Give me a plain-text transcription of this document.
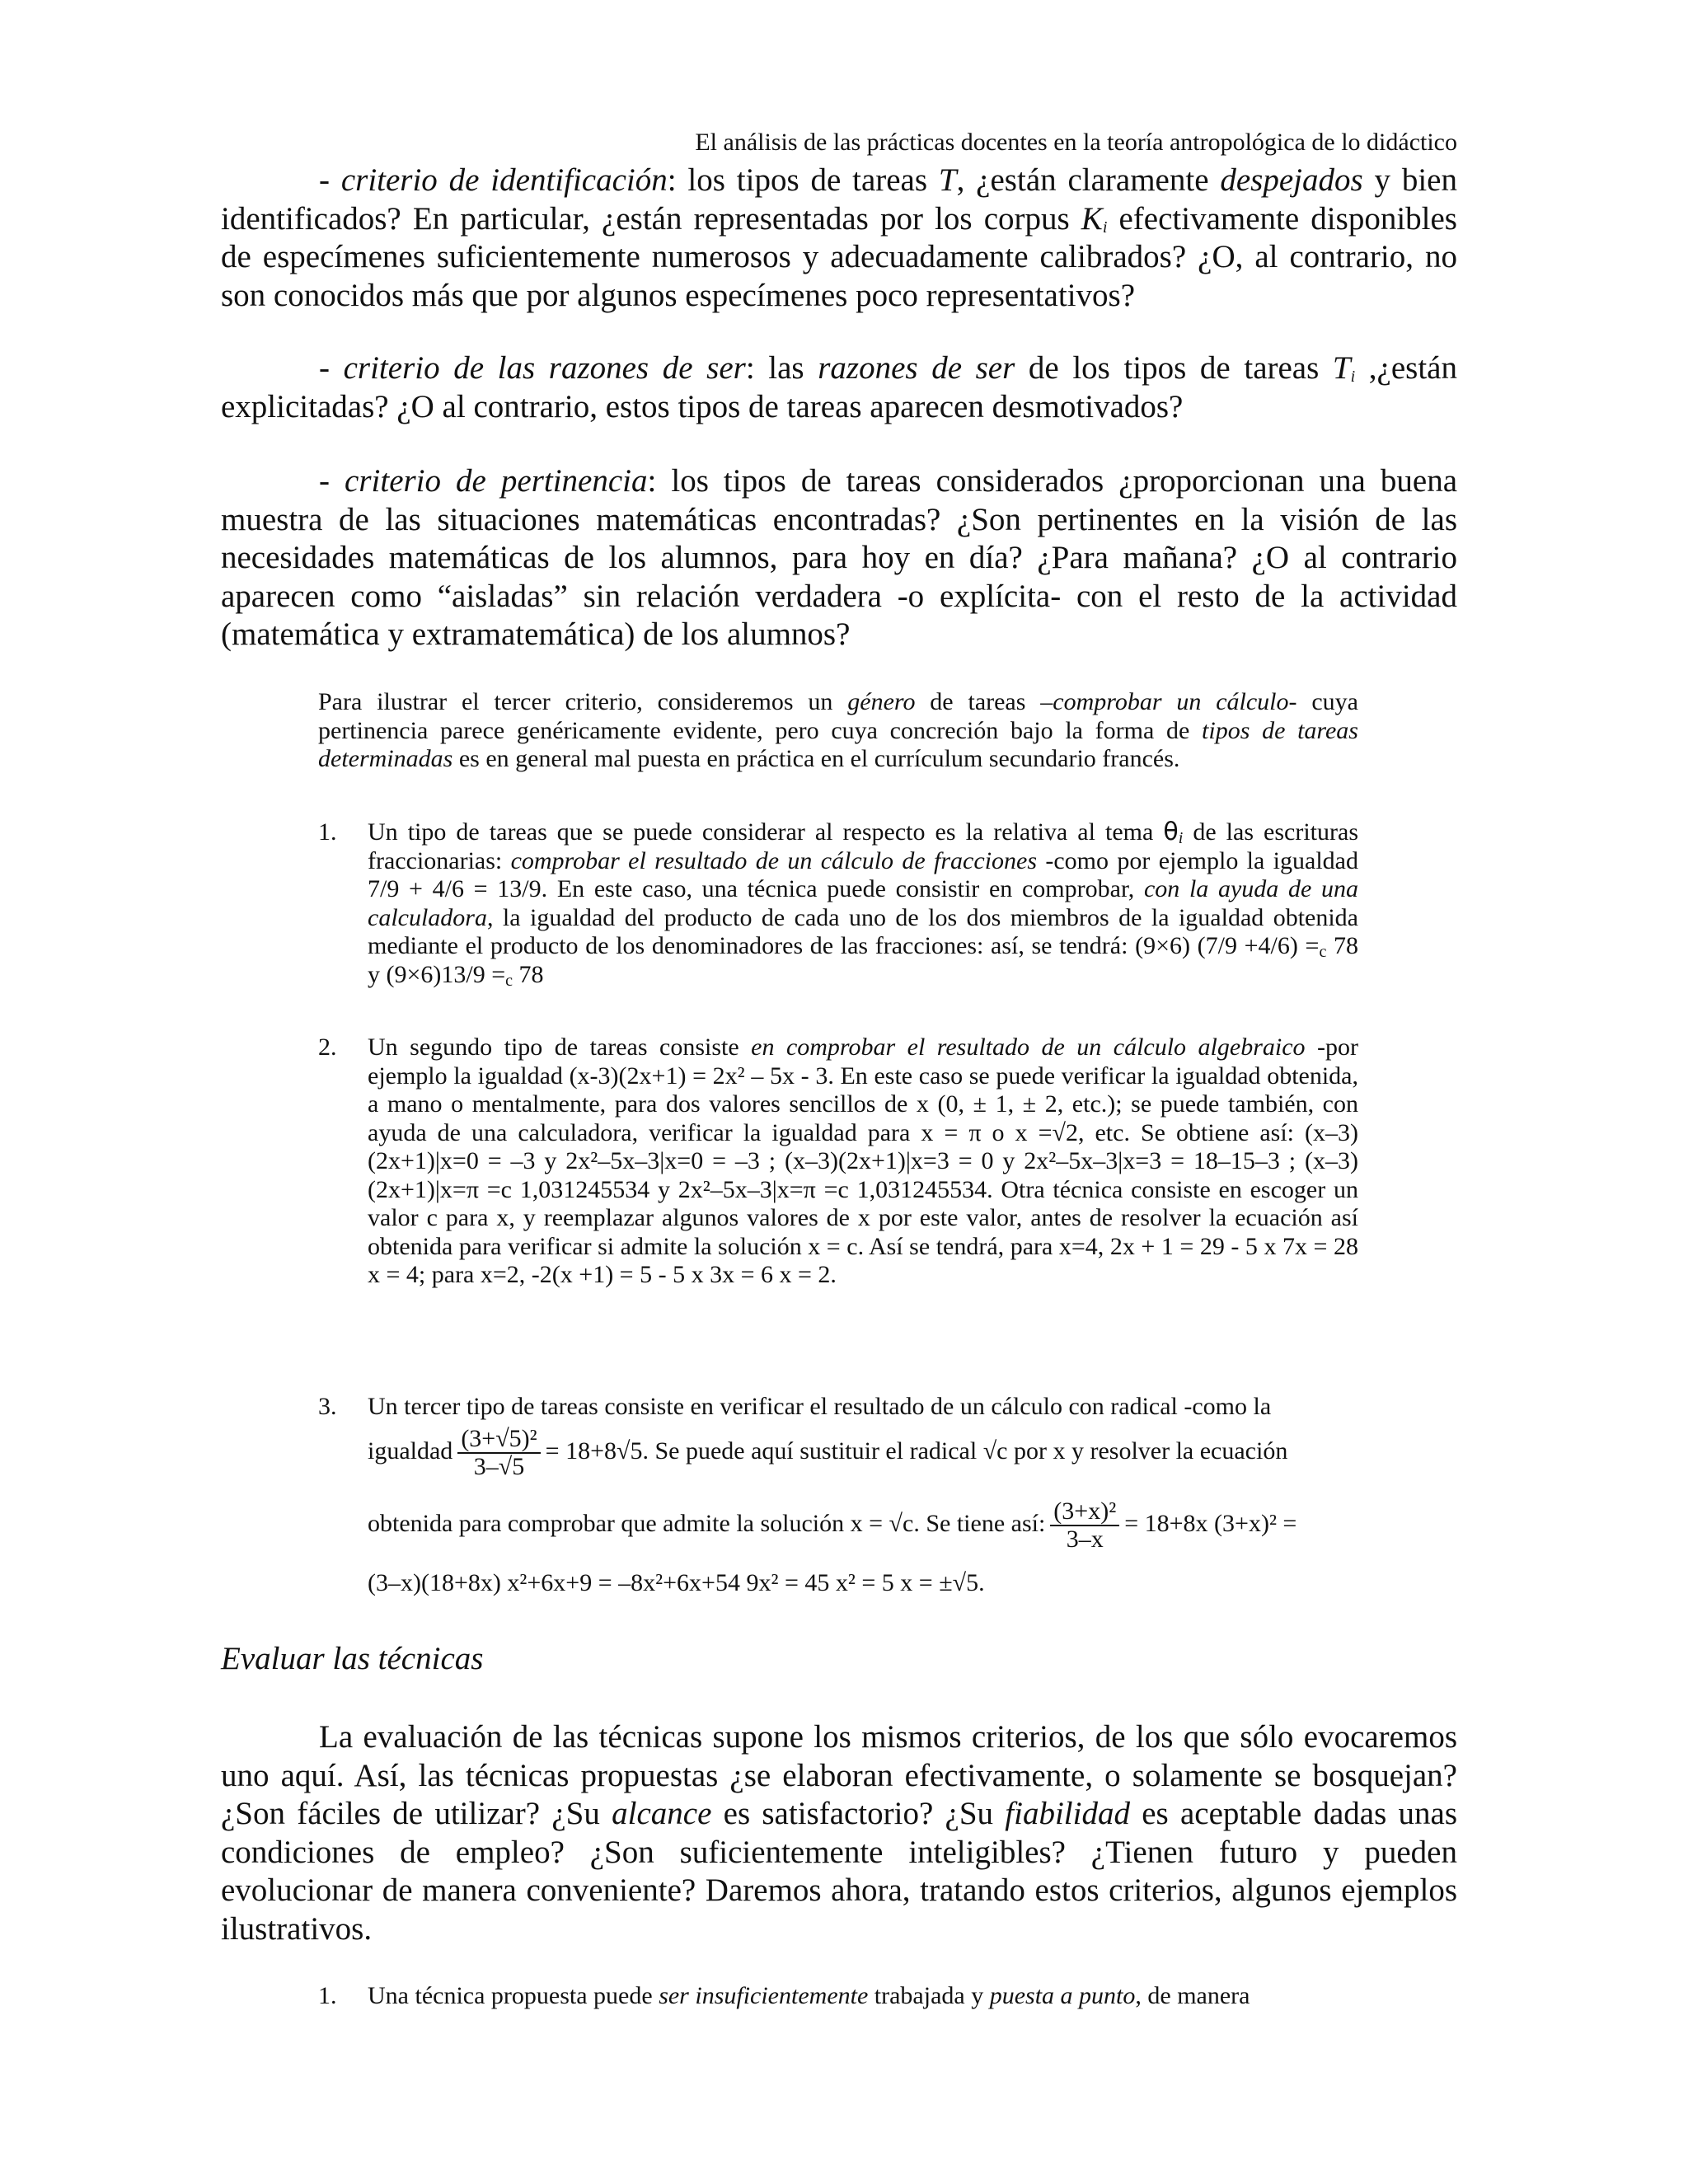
El análisis de las prácticas docentes en la teoría antropológica de lo didáctico
- criterio de identificación: los tipos de tareas T, ¿están claramente despejados y bien identificados? En particular, ¿están representadas por los corpus $K_i$ efectivamente disponibles de especímenes suficientemente numerosos y adecuadamente calibrados? ¿O, al contrario, no son conocidos más que por algunos especímenes poco representativos?
- criterio de las razones de ser: las razones de ser de los tipos de tareas $T_i$ ,¿están explicitadas? ¿O al contrario, estos tipos de tareas aparecen desmotivados?
- criterio de pertinencia: los tipos de tareas considerados ¿proporcionan una buena muestra de las situaciones matemáticas encontradas? ¿Son pertinentes en la visión de las necesidades matemáticas de los alumnos, para hoy en día? ¿Para mañana? ¿O al contrario aparecen como “aisladas” sin relación verdadera -o explícita- con el resto de la actividad (matemática y extramatemática) de los alumnos?
Para ilustrar el tercer criterio, consideremos un género de tareas –comprobar un cálculo- cuya pertinencia parece genéricamente evidente, pero cuya concreción bajo la forma de tipos de tareas determinadas es en general mal puesta en práctica en el currículum secundario francés.
1. Un tipo de tareas que se puede considerar al respecto es la relativa al tema $\theta_i$ de las escrituras fraccionarias: comprobar el resultado de un cálculo de fracciones -como por ejemplo la igualdad 7/9 + 4/6 = 13/9. En este caso, una técnica puede consistir en comprobar, con la ayuda de una calculadora, la igualdad del producto de cada uno de los dos miembros de la igualdad obtenida mediante el producto de los denominadores de las fracciones: así, se tendrá: (9×6) $(7/9 +4/6) =_c$ 78 y $(9\times 6)13/9 =_c$ 78
2. Un segundo tipo de tareas consiste en comprobar el resultado de un cálculo algebraico -por ejemplo la igualdad (x-3)(2x+1) = 2x² – 5x - 3. En este caso se puede verificar la igualdad obtenida, a mano o mentalmente, para dos valores sencillos de x (0, ± 1, ± 2, etc.); se puede también, con ayuda de una calculadora, verificar la igualdad para x = π o x =√2, etc. Se obtiene así: (x–3)(2x+1)|x=0 = –3 y 2x²–5x–3|x=0 = –3 ; (x–3)(2x+1)|x=3 = 0 y 2x²–5x–3|x=3 = 18–15–3 ; (x–3)(2x+1)|x=π =c 1,031245534 y 2x²–5x–3|x=π =c 1,031245534. Otra técnica consiste en escoger un valor c para x, y reemplazar algunos valores de x por este valor, antes de resolver la ecuación así obtenida para verificar si admite la solución x = c. Así se tendrá, para x=4, 2x + 1 = 29 - 5 x 7x = 28 x = 4; para x=2, -2(x +1) = 5 - 5 x 3x = 6 x = 2.
3. Un tercer tipo de tareas consiste en verificar el resultado de un cálculo con radical -como la
igualdad $\frac{\text{(3+√5)²}}{3-√5} = 18+8√5$. Se puede aquí sustituir el radical √c por x y resolver la ecuación
obtenida para comprobar que admite la solución x = √c. Se tiene así: $\frac{\text{(3+x)²}}{3-x} = 18+8x$ (3+x)² =
(3–x)(18+8x) x²+6x+9 = –8x²+6x+54 9x² = 45 x² = 5 x = ±√5.
Evaluar las técnicas
La evaluación de las técnicas supone los mismos criterios, de los que sólo evocaremos uno aquí. Así, las técnicas propuestas ¿se elaboran efectivamente, o solamente se bosquejan? ¿Son fáciles de utilizar? ¿Su alcance es satisfactorio? ¿Su fiabilidad es aceptable dadas unas condiciones de empleo? ¿Son suficientemente inteligibles? ¿Tienen futuro y pueden evolucionar de manera conveniente? Daremos ahora, tratando estos criterios, algunos ejemplos ilustrativos.
1. Una técnica propuesta puede ser insuficientemente trabajada y puesta a punto, de manera
